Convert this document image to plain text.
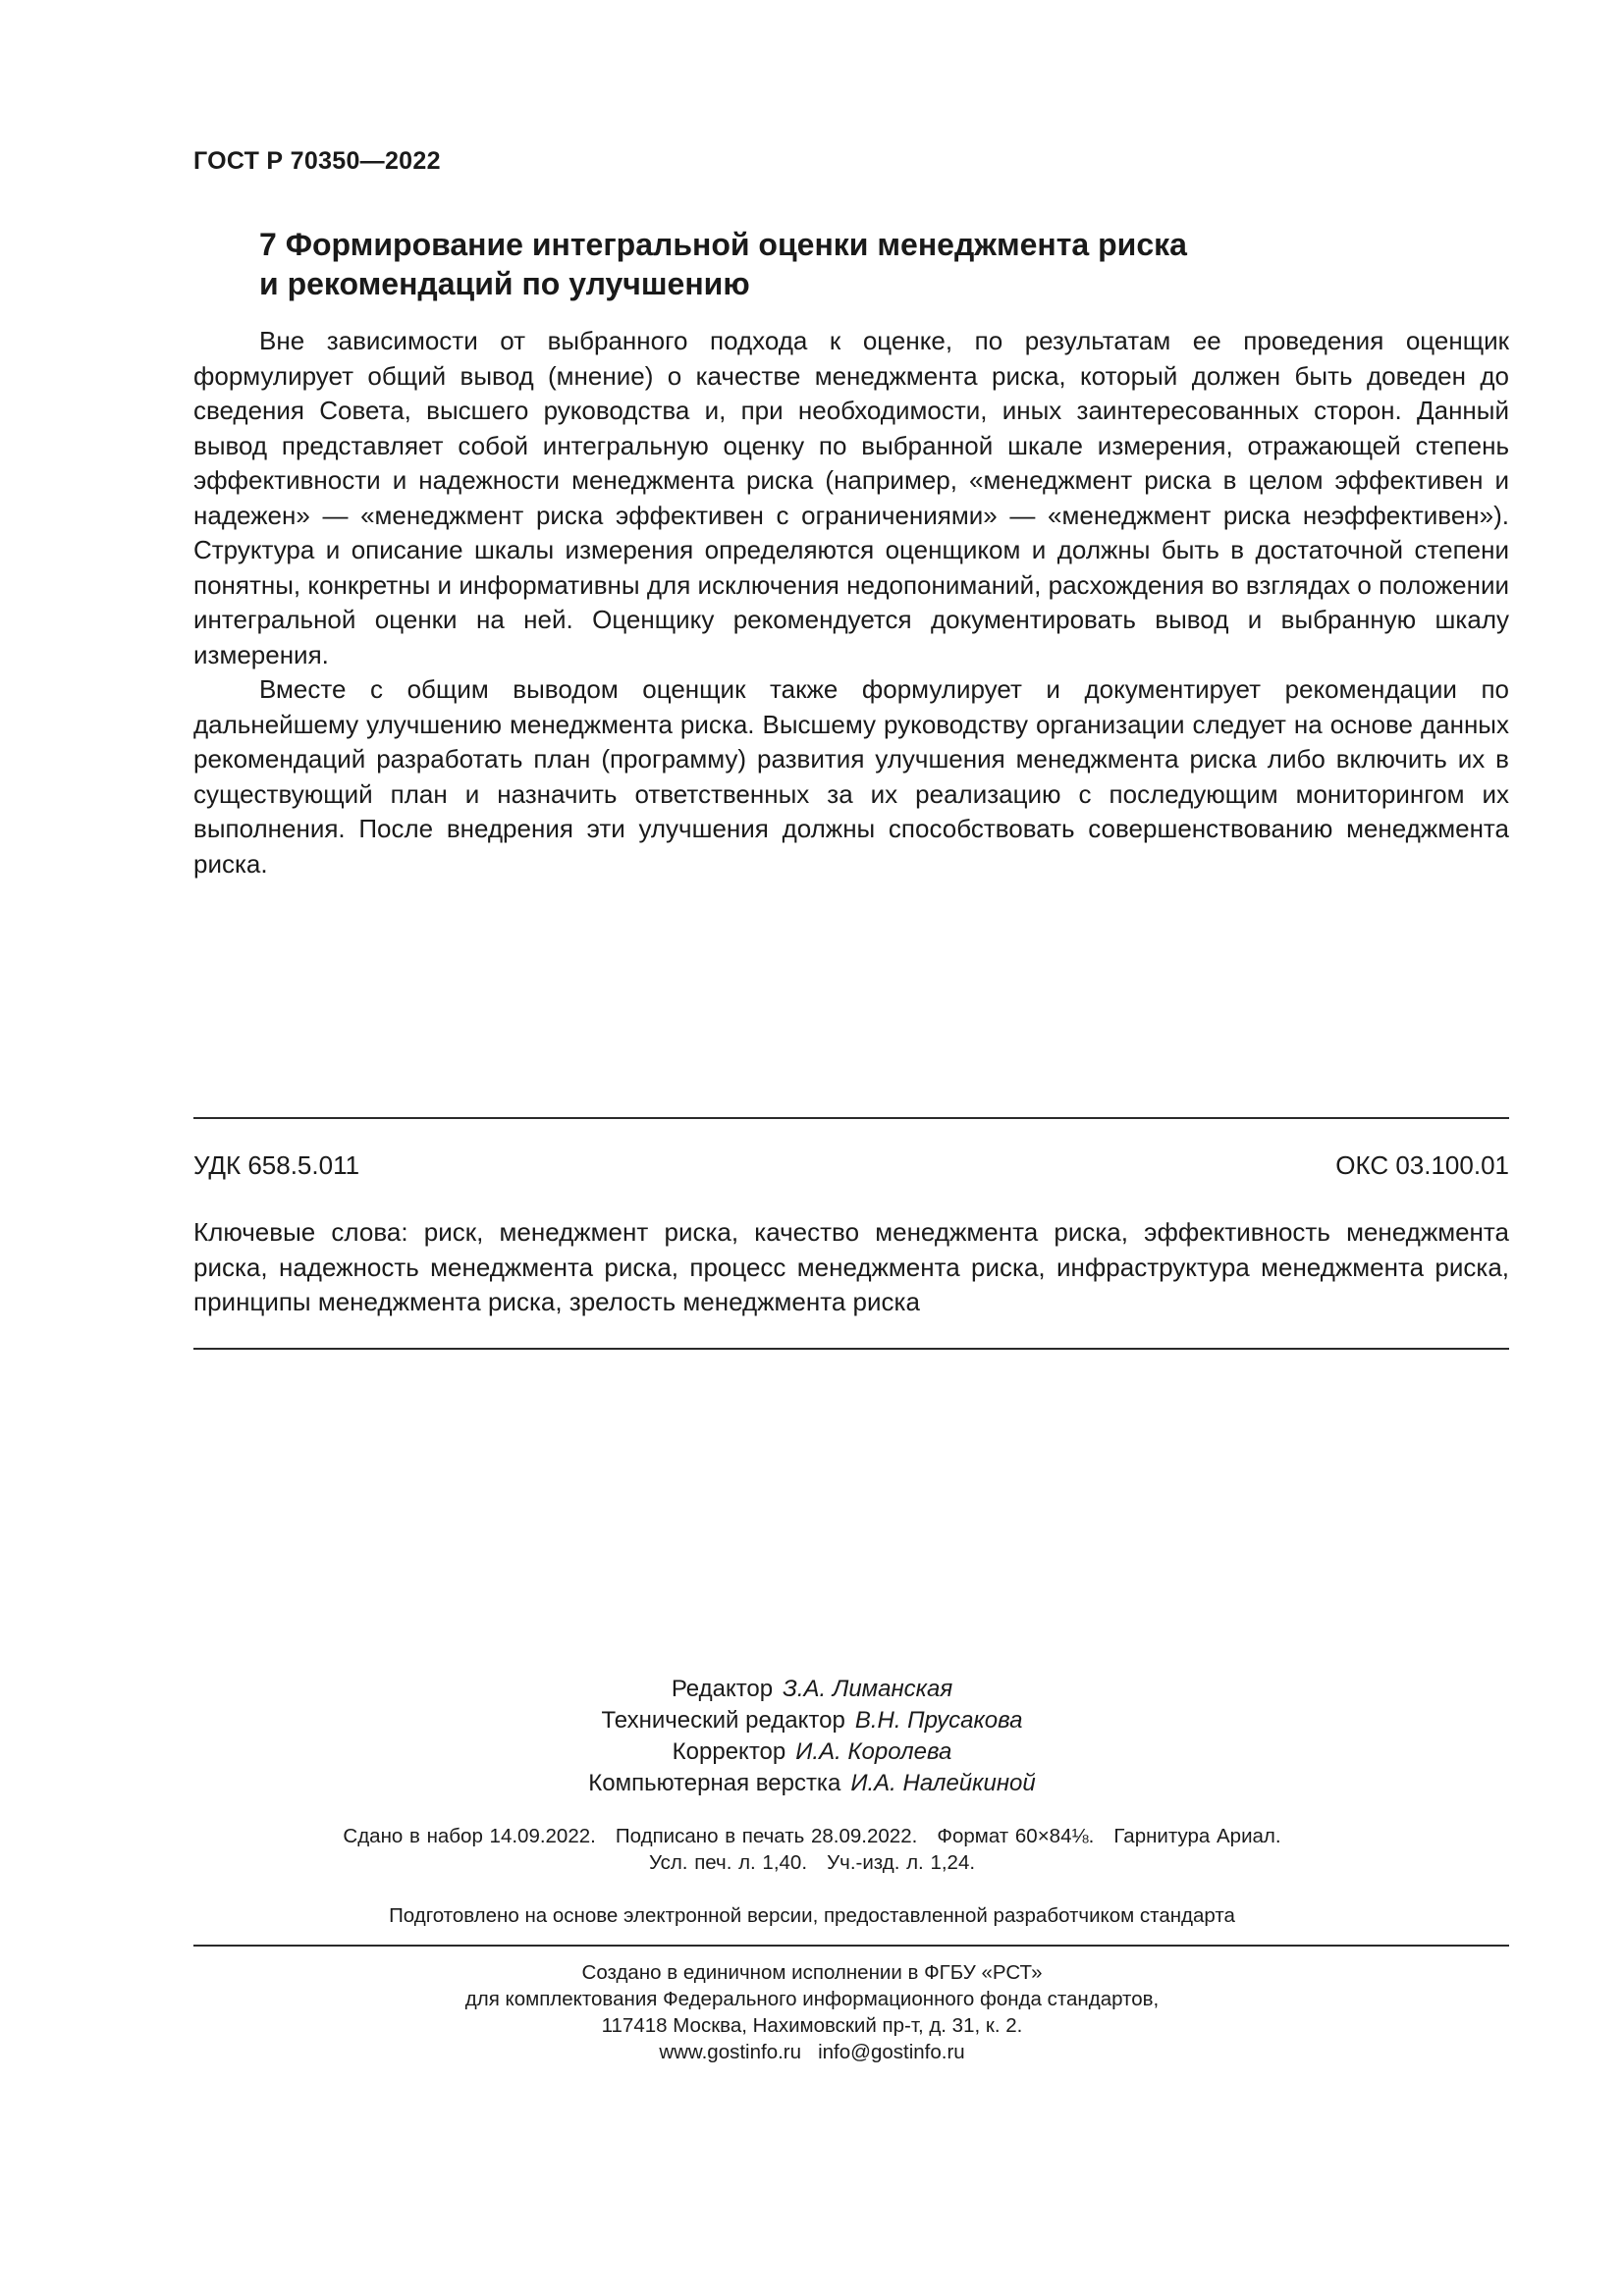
ГОСТ Р 70350—2022
7 Формирование интегральной оценки менеджмента риска
и рекомендаций по улучшению

Вне зависимости от выбранного подхода к оценке, по результатам ее проведения оценщик формулирует общий вывод (мнение) о качестве менеджмента риска, который должен быть доведен до сведения Совета, высшего руководства и, при необходимости, иных заинтересованных сторон. Данный вывод представляет собой интегральную оценку по выбранной шкале измерения, отражающей степень эффективности и надежности менеджмента риска (например, «менеджмент риска в целом эффективен и надежен» — «менеджмент риска эффективен с ограничениями» — «менеджмент риска неэффективен»). Структура и описание шкалы измерения определяются оценщиком и должны быть в достаточной степени понятны, конкретны и информативны для исключения недопониманий, расхождения во взглядах о положении интегральной оценки на ней. Оценщику рекомендуется документировать вывод и выбранную шкалу измерения.

Вместе с общим выводом оценщик также формулирует и документирует рекомендации по дальнейшему улучшению менеджмента риска. Высшему руководству организации следует на основе данных рекомендаций разработать план (программу) развития улучшения менеджмента риска либо включить их в существующий план и назначить ответственных за их реализацию с последующим мониторингом их выполнения. После внедрения эти улучшения должны способствовать совершенствованию менеджмента риска.

УДК 658.5.011	ОКС 03.100.01
Ключевые слова: риск, менеджмент риска, качество менеджмента риска, эффективность менеджмента риска, надежность менеджмента риска, процесс менеджмента риска, инфраструктура менеджмента риска, принципы менеджмента риска, зрелость менеджмента риска
Редактор З.А. Лиманская
Технический редактор В.Н. Прусакова
Корректор И.А. Королева
Компьютерная верстка И.А. Налейкиной
Сдано в набор 14.09.2022.   Подписано в печать 28.09.2022.   Формат 60×84⅛.   Гарнитура Ариал.
Усл. печ. л. 1,40.   Уч.-изд. л. 1,24.
Подготовлено на основе электронной версии, предоставленной разработчиком стандарта
Создано в единичном исполнении в ФГБУ «РСТ»
для комплектования Федерального информационного фонда стандартов,
117418 Москва, Нахимовский пр-т, д. 31, к. 2.
www.gostinfo.ru   info@gostinfo.ru
